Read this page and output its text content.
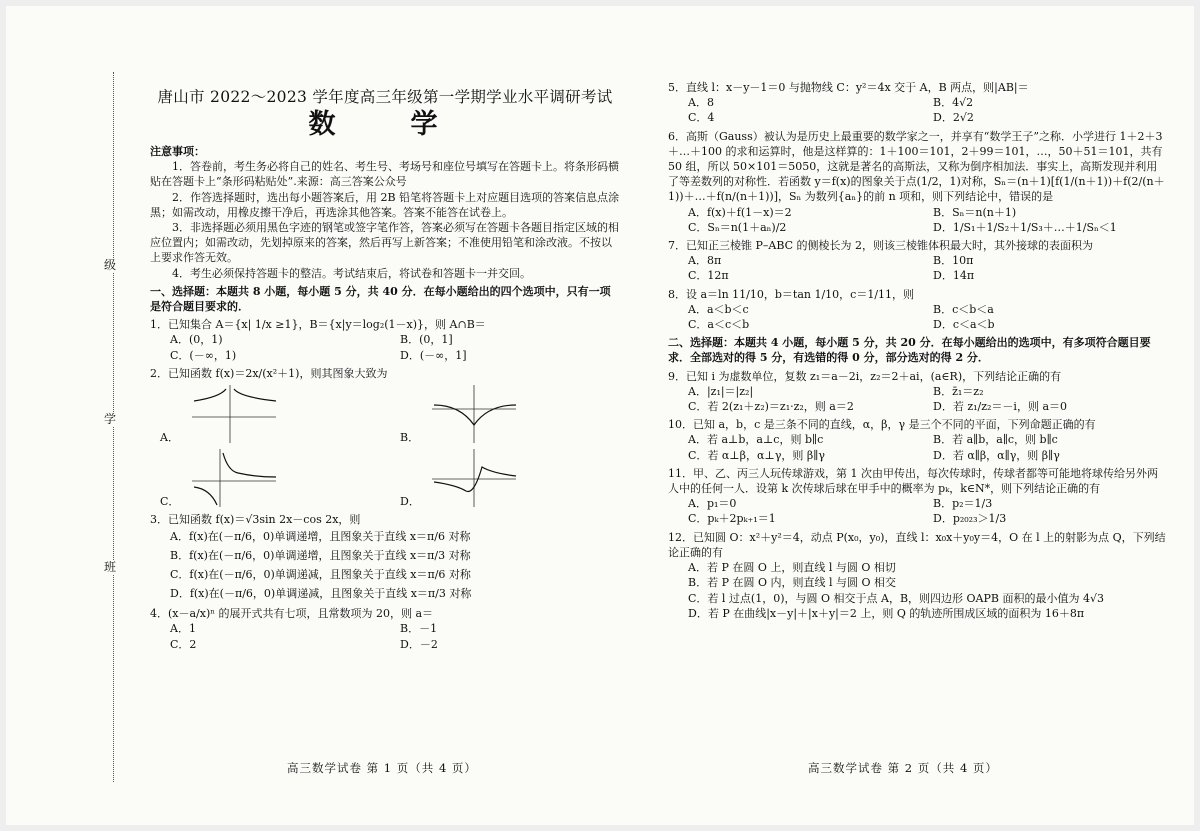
级
学
班

唐山市 2022～2023 学年度高三年级第一学期学业水平调研考试

数　学

注意事项：

1．答卷前，考生务必将自己的姓名、考生号、考场号和座位号填写在答题卡上。将条形码横贴在答题卡上“条形码粘贴处”.来源：高三答案公众号

2．作答选择题时，选出每小题答案后，用 2B 铅笔将答题卡上对应题目选项的答案信息点涂黑；如需改动，用橡皮擦干净后，再选涂其他答案。答案不能答在试卷上。

3．非选择题必须用黑色字迹的钢笔或签字笔作答，答案必须写在答题卡各题目指定区域的相应位置内；如需改动，先划掉原来的答案，然后再写上新答案；不准使用铅笔和涂改液。不按以上要求作答无效。

4．考生必须保持答题卡的整洁。考试结束后，将试卷和答题卡一并交回。

一、选择题：本题共 8 小题，每小题 5 分，共 40 分．在每小题给出的四个选项中，只有一项是符合题目要求的．

1．已知集合 A＝{x| 1/x ≥1}，B＝{x|y＝log₂(1－x)}，则 A∩B＝

A．(0，1)	B．(0，1]
C．(－∞，1)	D．(－∞，1]

2．已知函数 f(x)＝2x/(x²＋1)，则其图象大致为

A．	B．
C．	D．

3．已知函数 f(x)＝√3sin 2x－cos 2x，则

A．f(x)在(－π/6，0)单调递增，且图象关于直线 x＝π/6 对称

B．f(x)在(－π/6，0)单调递增，且图象关于直线 x＝π/3 对称

C．f(x)在(－π/6，0)单调递减，且图象关于直线 x＝π/6 对称

D．f(x)在(－π/6，0)单调递减，且图象关于直线 x＝π/3 对称

4．(x－a/x)ⁿ 的展开式共有七项，且常数项为 20，则 a＝

A．1	B．－1
C．2	D．－2

5．直线 l：x－y－1＝0 与抛物线 C：y²＝4x 交于 A，B 两点，则|AB|＝

A．8	B．4√2
C．4	D．2√2

6．高斯（Gauss）被认为是历史上最重要的数学家之一，并享有“数学王子”之称．小学进行 1＋2＋3＋…＋100 的求和运算时，他是这样算的：1＋100＝101，2＋99＝101，…，50＋51＝101，共有 50 组，所以 50×101＝5050，这就是著名的高斯法，又称为倒序相加法．事实上，高斯发现并利用了等差数列的对称性．若函数 y＝f(x)的图象关于点(1/2，1)对称，Sₙ＝(n＋1)[f(1/(n＋1))＋f(2/(n＋1))＋…＋f(n/(n＋1))]，Sₙ 为数列{aₙ}的前 n 项和，则下列结论中，错误的是

A．f(x)＋f(1－x)＝2	B．Sₙ＝n(n＋1)
C．Sₙ＝n(1＋aₙ)/2	D．1/S₁＋1/S₂＋1/S₃＋…＋1/Sₙ＜1

7．已知正三棱锥 P–ABC 的侧棱长为 2，则该三棱锥体积最大时，其外接球的表面积为

A．8π	B．10π
C．12π	D．14π

8．设 a＝ln 11/10，b＝tan 1/10，c＝1/11，则

A．a＜b＜c	B．c＜b＜a
C．a＜c＜b	D．c＜a＜b

二、选择题：本题共 4 小题，每小题 5 分，共 20 分．在每小题给出的选项中，有多项符合题目要求．全部选对的得 5 分，有选错的得 0 分，部分选对的得 2 分．

9．已知 i 为虚数单位，复数 z₁＝a－2i，z₂＝2＋ai，(a∈R)，下列结论正确的有

A．|z₁|＝|z₂|	B．z̄₁＝z₂
C．若 2(z₁＋z₂)＝z₁·z₂，则 a＝2	D．若 z₁/z₂＝－i，则 a＝0

10．已知 a，b，c 是三条不同的直线，α，β，γ 是三个不同的平面，下列命题正确的有

A．若 a⊥b，a⊥c，则 b∥c	B．若 a∥b，a∥c，则 b∥c
C．若 α⊥β，α⊥γ，则 β∥γ	D．若 α∥β，α∥γ，则 β∥γ

11．甲、乙、丙三人玩传球游戏，第 1 次由甲传出，每次传球时，传球者都等可能地将球传给另外两人中的任何一人．设第 k 次传球后球在甲手中的概率为 pₖ，k∈N*，则下列结论正确的有

A．p₁＝0	B．p₂＝1/3
C．pₖ＋2pₖ₊₁＝1	D．p₂₀₂₃＞1/3

12．已知圆 O：x²＋y²＝4，动点 P(x₀，y₀)，直线 l：x₀x＋y₀y＝4，O 在 l 上的射影为点 Q，下列结论正确的有

A．若 P 在圆 O 上，则直线 l 与圆 O 相切

B．若 P 在圆 O 内，则直线 l 与圆 O 相交

C．若 l 过点(1，0)，与圆 O 相交于点 A，B，则四边形 OAPB 面积的最小值为 4√3

D．若 P 在曲线|x－y|＋|x＋y|＝2 上，则 Q 的轨迹所围成区域的面积为 16＋8π

高三数学试卷 第 1 页（共 4 页）	高三数学试卷 第 2 页（共 4 页）
